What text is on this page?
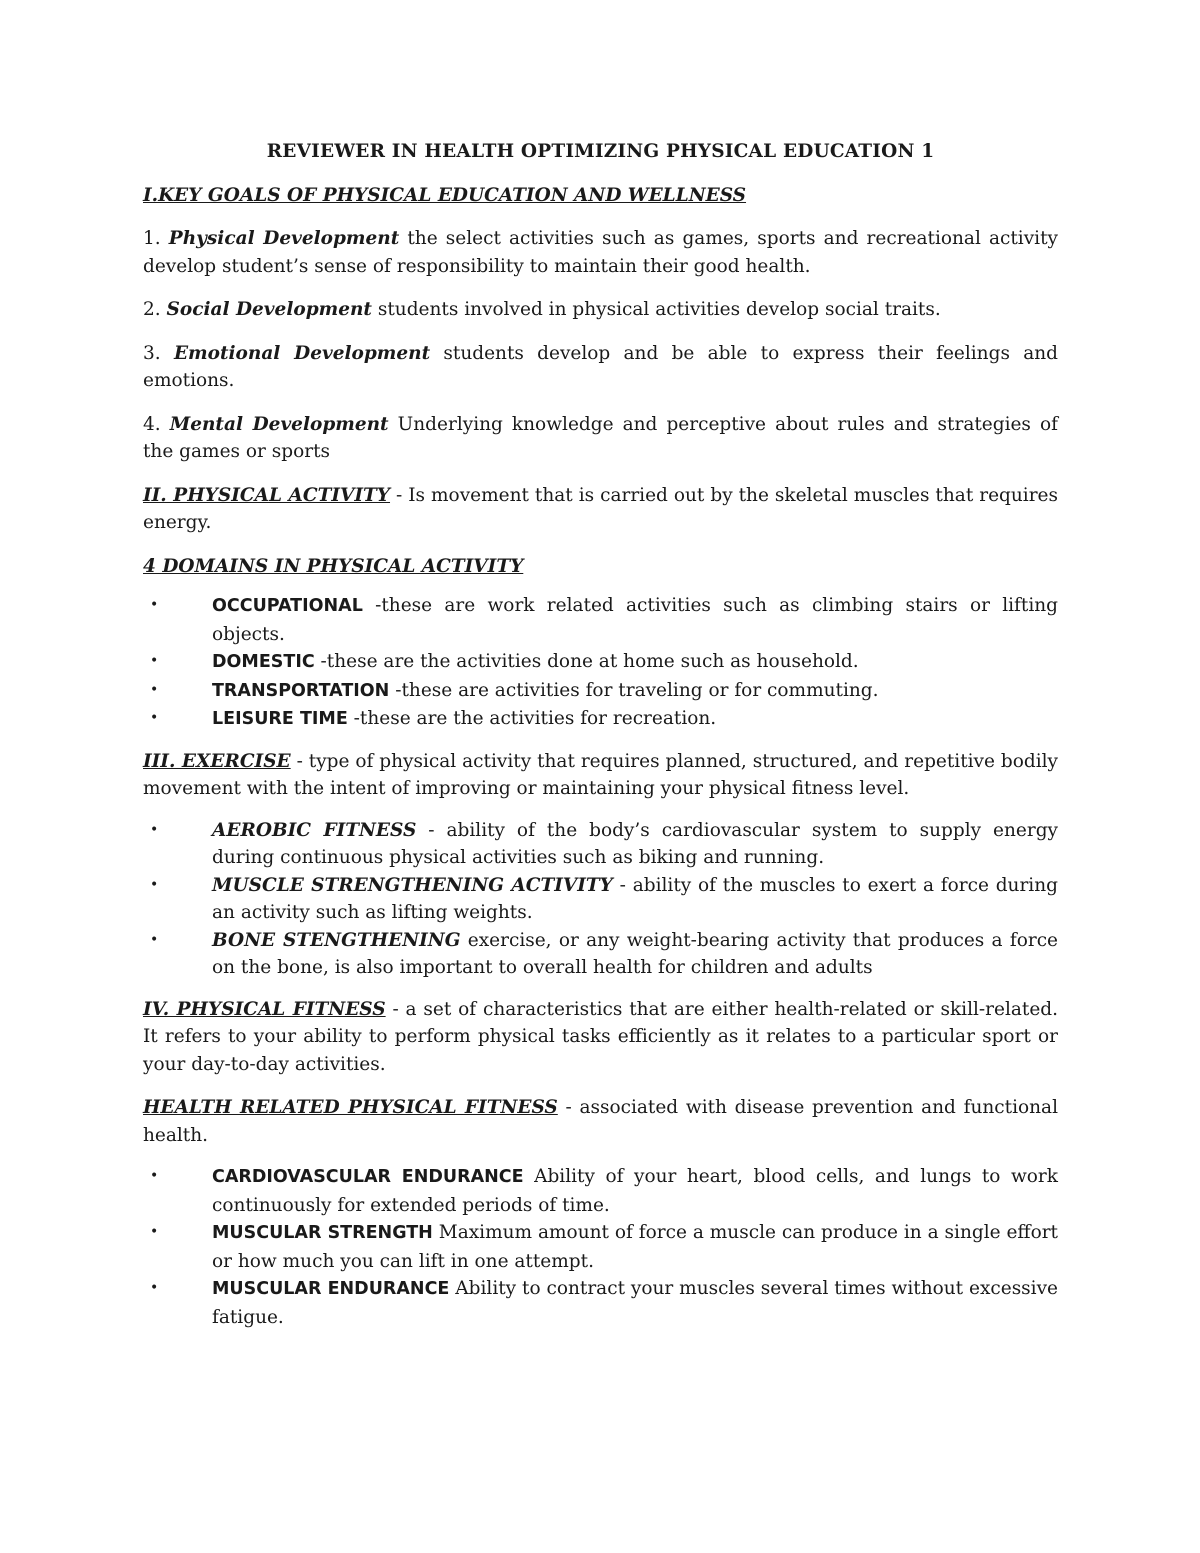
REVIEWER IN HEALTH OPTIMIZING PHYSICAL EDUCATION 1

I.KEY GOALS OF PHYSICAL EDUCATION AND WELLNESS

1. Physical Development the select activities such as games, sports and recreational activity develop student’s sense of responsibility to maintain their good health.

2. Social Development students involved in physical activities develop social traits.

3. Emotional Development students develop and be able to express their feelings and emotions.

4. Mental Development Underlying knowledge and perceptive about rules and strategies of the games or sports

II. PHYSICAL ACTIVITY - Is movement that is carried out by the skeletal muscles that requires energy.

4 DOMAINS IN PHYSICAL ACTIVITY

•	OCCUPATIONAL -these are work related activities such as climbing stairs or lifting objects.
•	DOMESTIC -these are the activities done at home such as household.
•	TRANSPORTATION -these are activities for traveling or for commuting.
•	LEISURE TIME -these are the activities for recreation.

III. EXERCISE - type of physical activity that requires planned, structured, and repetitive bodily movement with the intent of improving or maintaining your physical fitness level.

•	AEROBIC FITNESS - ability of the body’s cardiovascular system to supply energy during continuous physical activities such as biking and running.
•	MUSCLE STRENGTHENING ACTIVITY - ability of the muscles to exert a force during an activity such as lifting weights.
•	BONE STENGTHENING exercise, or any weight-bearing activity that produces a force on the bone, is also important to overall health for children and adults

IV. PHYSICAL FITNESS - a set of characteristics that are either health-related or skill-related. It refers to your ability to perform physical tasks efficiently as it relates to a particular sport or your day-to-day activities.

HEALTH RELATED PHYSICAL FITNESS - associated with disease prevention and functional health.

•	CARDIOVASCULAR ENDURANCE Ability of your heart, blood cells, and lungs to work continuously for extended periods of time.
•	MUSCULAR STRENGTH Maximum amount of force a muscle can produce in a single effort or how much you can lift in one attempt.
•	MUSCULAR ENDURANCE Ability to contract your muscles several times without excessive fatigue.
